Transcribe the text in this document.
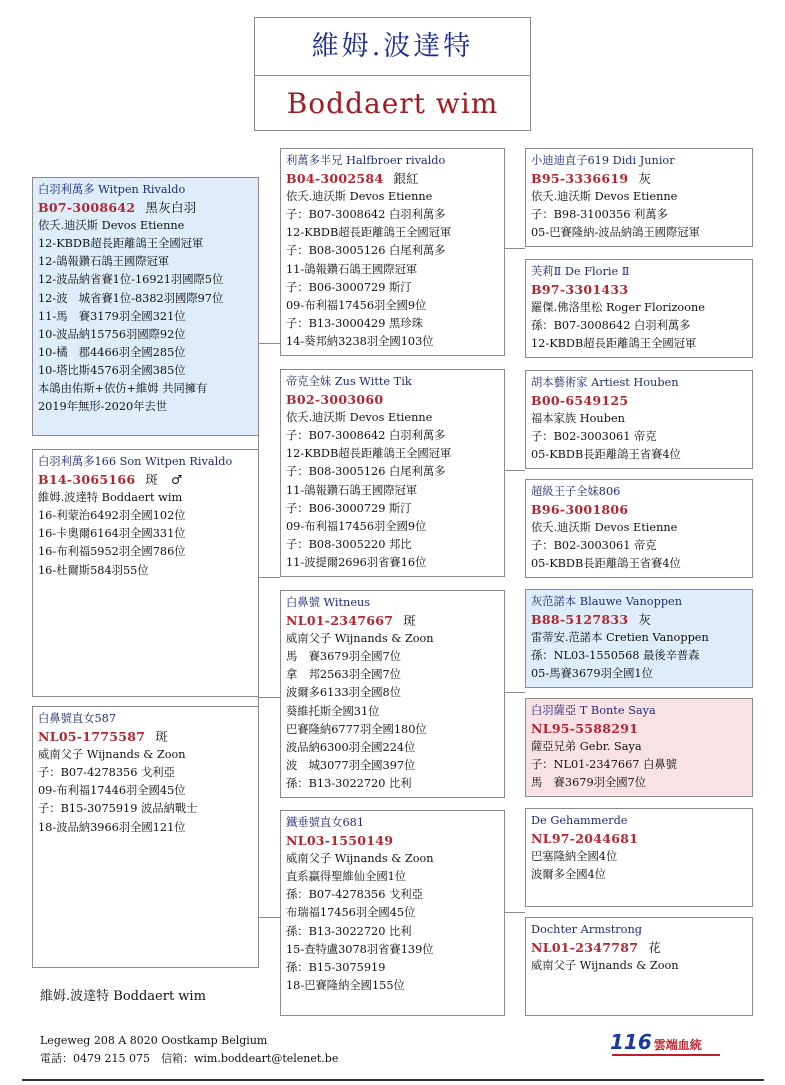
維姆.波達特
Boddaert wim
白羽利萬多 Witpen Rivaldo
B07-3008642 黑灰白羽
依夭.迪沃斯 Devos Etienne
12-KBDB超長距離鴿王全國冠軍
12-鴿報鑽石鴿王國際冠軍
12-波品納省賽1位-16921羽國際5位
12-波　城省賽1位-8382羽國際97位
11-馬　賽3179羽全國321位
10-波品納15756羽國際92位
10-橘　郡4466羽全國285位
10-塔比斯4576羽全國385位
本鴿由佑斯+依仿+維姆 共同擁有
2019年無形-2020年去世
白羽利萬多166 Son Witpen Rivaldo
B14-3065166 斑　♂
維姆.波達特 Boddaert wim
16-利蒙治6492羽全國102位
16-卡奧爾6164羽全國331位
16-布利福5952羽全國786位
16-杜爾斯584羽55位
白鼻號直女587
NL05-1775587 斑
威南父子 Wijnands & Zoon
子：B07-4278356 戈利亞
09-布利福17446羽全國45位
子：B15-3075919 波品納戰士
18-波品納3966羽全國121位
利萬多半兄 Halfbroer rivaldo
B04-3002584 銀紅
依夭.迪沃斯 Devos Etienne
子：B07-3008642 白羽利萬多
12-KBDB超長距離鴿王全國冠軍
子：B08-3005126 白尾利萬多
11-鴿報鑽石鴿王國際冠軍
子：B06-3000729 斯汀
09-布利福17456羽全國9位
子：B13-3000429 黑珍珠
14-葵邦納3238羽全國103位
帝克全妹 Zus Witte Tik
B02-3003060
依夭.迪沃斯 Devos Etienne
子：B07-3008642 白羽利萬多
12-KBDB超長距離鴿王全國冠軍
子：B08-3005126 白尾利萬多
11-鴿報鑽石鴿王國際冠軍
子：B06-3000729 斯汀
09-布利福17456羽全國9位
子：B08-3005220 邦比
11-波提爾2696羽省賽16位
白鼻號 Witneus
NL01-2347667 斑
威南父子 Wijnands & Zoon
馬　賽3679羽全國7位
拿　邦2563羽全國7位
波爾多6133羽全國8位
葵維托斯全國31位
巴賽隆納6777羽全國180位
波品納6300羽全國224位
波　城3077羽全國397位
孫：B13-3022720 比利
鐵垂號直女681
NL03-1550149
威南父子 Wijnands & Zoon
直系贏得聖維仙全國1位
孫：B07-4278356 戈利亞
布瑞福17456羽全國45位
孫：B13-3022720 比利
15-查特盧3078羽省賽139位
孫：B15-3075919
18-巴賽隆納全國155位
小迪迪直子619 Didi Junior
B95-3336619 灰
依夭.迪沃斯 Devos Etienne
子：B98-3100356 利萬多
05-巴賽隆納-波品納鴿王國際冠軍
芙莉Ⅱ De Florie Ⅱ
B97-3301433
羅傑.佛洛里松 Roger Florizoone
孫：B07-3008642 白羽利萬多
12-KBDB超長距離鴿王全國冠軍
胡本藝術家 Artiest Houben
B00-6549125
福本家族 Houben
子：B02-3003061 帝克
05-KBDB長距離鴿王省賽4位
超級王子全妹806
B96-3001806
依夭.迪沃斯 Devos Etienne
子：B02-3003061 帝克
05-KBDB長距離鴿王省賽4位
灰范諾本 Blauwe Vanoppen
B88-5127833 灰
雷蒂安.范諾本 Cretien Vanoppen
孫：NL03-1550568 最後辛普森
05-馬賽3679羽全國1位
白羽薩亞 T Bonte Saya
NL95-5588291
薩亞兄弟 Gebr. Saya
子：NL01-2347667 白鼻號
馬　賽3679羽全國7位
De Gehammerde
NL97-2044681
巴塞隆納全國4位
波爾多全國4位
Dochter Armstrong
NL01-2347787 花
威南父子 Wijnands & Zoon
維姆.波達特 Boddaert wim
Legeweg 208 A 8020 Oostkamp Belgium
電話：0479 215 075　信箱：wim.boddeart@telenet.be
116 雲端血統
